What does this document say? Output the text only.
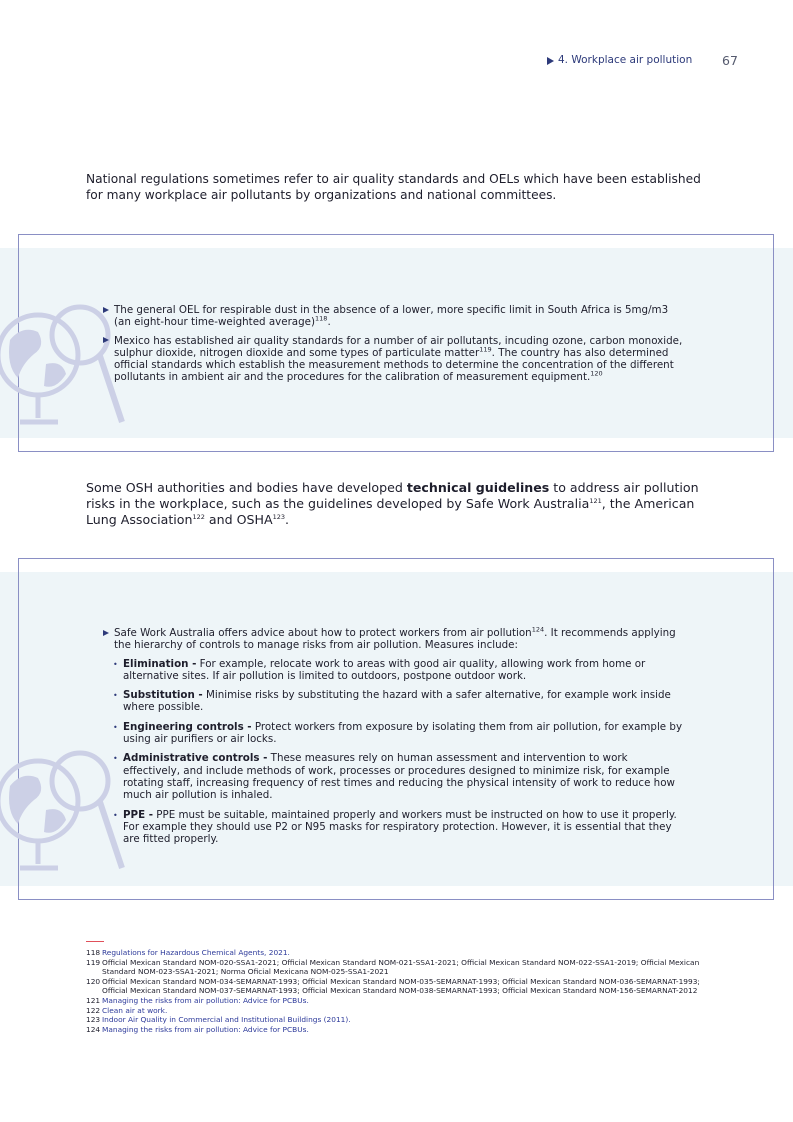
4. Workplace air pollution 67

National regulations sometimes refer to air quality standards and OELs which have been established for many workplace air pollutants by organizations and national committees.

The general OEL for respirable dust in the absence of a lower, more specific limit in South Africa is 5mg/m3 (an eight-hour time-weighted average)$^{118}$.
Mexico has established air quality standards for a number of air pollutants, incuding ozone, carbon monoxide, sulphur dioxide, nitrogen dioxide and some types of particulate matter$^{119}$. The country has also determined official standards which establish the measurement methods to determine the concentration of the different pollutants in ambient air and the procedures for the calibration of measurement equipment.$^{120}$

Some OSH authorities and bodies have developed technical guidelines to address air pollution risks in the workplace, such as the guidelines developed by Safe Work Australia$^{121}$, the American Lung Association$^{122}$ and OSHA$^{123}$.

Safe Work Australia offers advice about how to protect workers from air pollution$^{124}$. It recommends applying the hierarchy of controls to manage risks from air pollution. Measures include:
• Elimination - For example, relocate work to areas with good air quality, allowing work from home or alternative sites. If air pollution is limited to outdoors, postpone outdoor work.
• Substitution - Minimise risks by substituting the hazard with a safer alternative, for example work inside where possible.
• Engineering controls - Protect workers from exposure by isolating them from air pollution, for example by using air purifiers or air locks.
• Administrative controls - These measures rely on human assessment and intervention to work effectively, and include methods of work, processes or procedures designed to minimize risk, for example rotating staff, increasing frequency of rest times and reducing the physical intensity of work to reduce how much air pollution is inhaled.
• PPE - PPE must be suitable, maintained properly and workers must be instructed on how to use it properly. For example they should use P2 or N95 masks for respiratory protection. However, it is essential that they are fitted properly.
118 Regulations for Hazardous Chemical Agents, 2021.
119 Official Mexican Standard NOM-020-SSA1-2021; Official Mexican Standard NOM-021-SSA1-2021; Official Mexican Standard NOM-022-SSA1-2019; Official Mexican Standard NOM-023-SSA1-2021; Norma Oficial Mexicana NOM-025-SSA1-2021
120 Official Mexican Standard NOM-034-SEMARNAT-1993; Official Mexican Standard NOM-035-SEMARNAT-1993; Official Mexican Standard NOM-036-SEMARNAT-1993; Official Mexican Standard NOM-037-SEMARNAT-1993; Official Mexican Standard NOM-038-SEMARNAT-1993; Official Mexican Standard NOM-156-SEMARNAT-2012
121 Managing the risks from air pollution: Advice for PCBUs.
122 Clean air at work.
123 Indoor Air Quality in Commercial and Institutional Buildings (2011).
124 Managing the risks from air pollution: Advice for PCBUs.
